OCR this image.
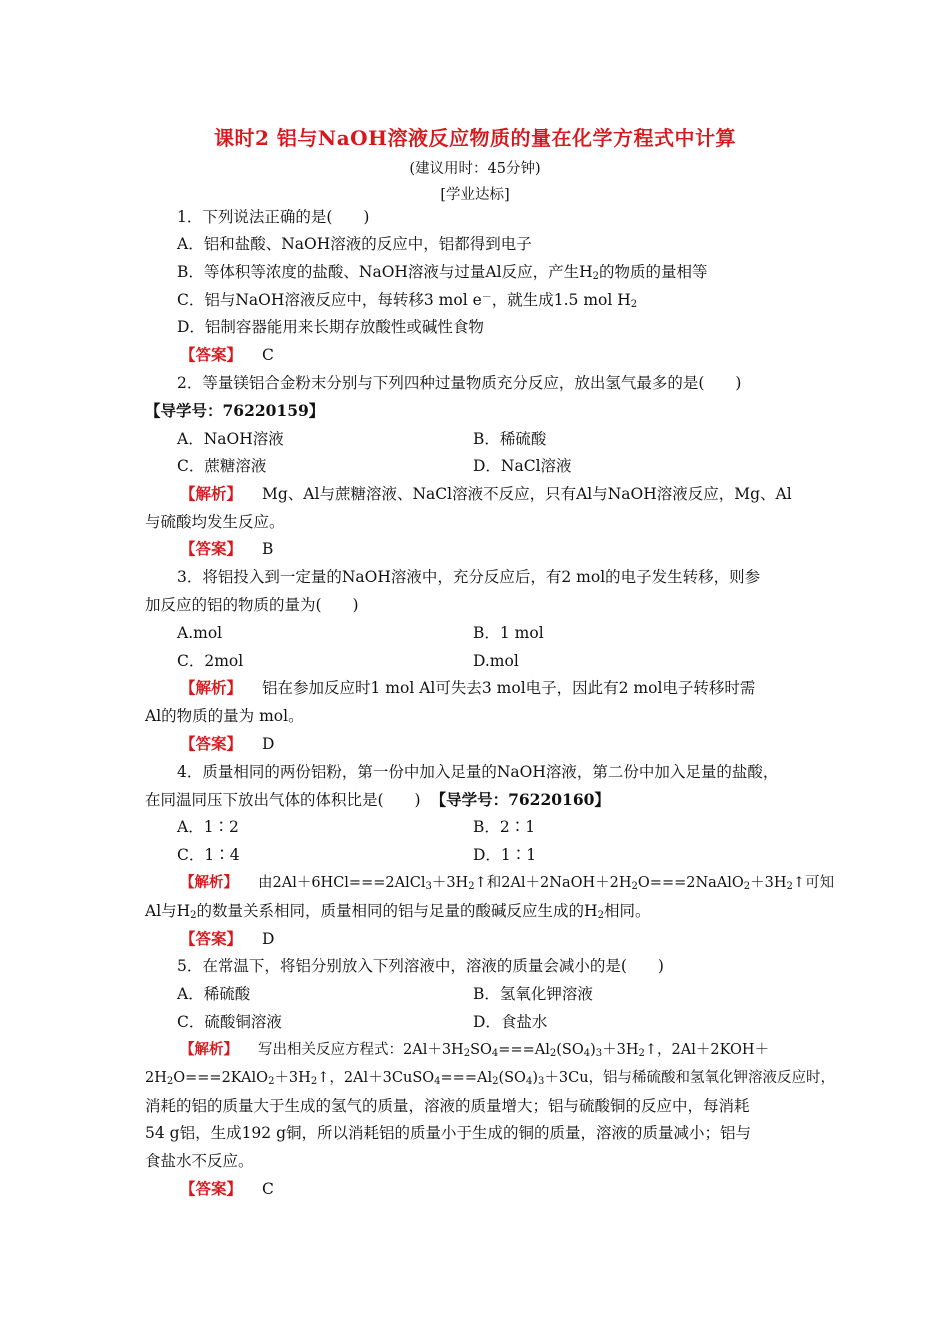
课时2 铝与NaOH溶液反应物质的量在化学方程式中计算
(建议用时：45分钟)
[学业达标]
1．下列说法正确的是(　　)
A．铝和盐酸、NaOH溶液的反应中，铝都得到电子
B．等体积等浓度的盐酸、NaOH溶液与过量Al反应，产生$H_2$的物质的量相等
C．铝与NaOH溶液反应中，每转移3 mol e－，就生成1.5 mol $H_2$
D．铝制容器能用来长期存放酸性或碱性食物
【答案】 C
2．等量镁铝合金粉末分别与下列四种过量物质充分反应，放出氢气最多的是(　　)
【导学号：76220159】
A．NaOH溶液	B．稀硫酸
C．蔗糖溶液	D．NaCl溶液
【解析】 Mg、Al与蔗糖溶液、NaCl溶液不反应，只有Al与NaOH溶液反应，Mg、Al
与硫酸均发生反应。
【答案】 B
3．将铝投入到一定量的NaOH溶液中，充分反应后，有2 mol的电子发生转移，则参
加反应的铝的物质的量为(　　)
A.mol	B．1 mol
C．2mol	D.mol
【解析】 铝在参加反应时1 mol Al可失去3 mol电子，因此有2 mol电子转移时需
Al的物质的量为 mol。
【答案】 D
4．质量相同的两份铝粉，第一份中加入足量的NaOH溶液，第二份中加入足量的盐酸，
在同温同压下放出气体的体积比是(　　) 【导学号：76220160】
A．1∶2	B．2∶1
C．1∶4	D．1∶1
【解析】 由$2Al+6HCl===2AlCl_3+3H_2↑$和$2Al+2NaOH+2H_2O===2NaAlO_2+3H_2↑$可知
Al与$H_2$的数量关系相同，质量相同的铝与足量的酸碱反应生成的$H_2$相同。
【答案】 D
5．在常温下，将铝分别放入下列溶液中，溶液的质量会减小的是(　　)
A．稀硫酸	B．氢氧化钾溶液
C．硫酸铜溶液	D．食盐水
【解析】 写出相关反应方程式：$2Al+3H_2SO_4===Al_2(SO_4)_3+3H_2↑$，2Al＋2KOH＋
$2H_2O===2KAlO_2+3H_2↑$，$2Al+3CuSO_4===Al_2(SO_4)_3+3Cu$，铝与稀硫酸和氢氧化钾溶液反应时，
消耗的铝的质量大于生成的氢气的质量，溶液的质量增大；铝与硫酸铜的反应中，每消耗
54 g铝，生成192 g铜，所以消耗铝的质量小于生成的铜的质量，溶液的质量减小；铝与
食盐水不反应。
【答案】 C
